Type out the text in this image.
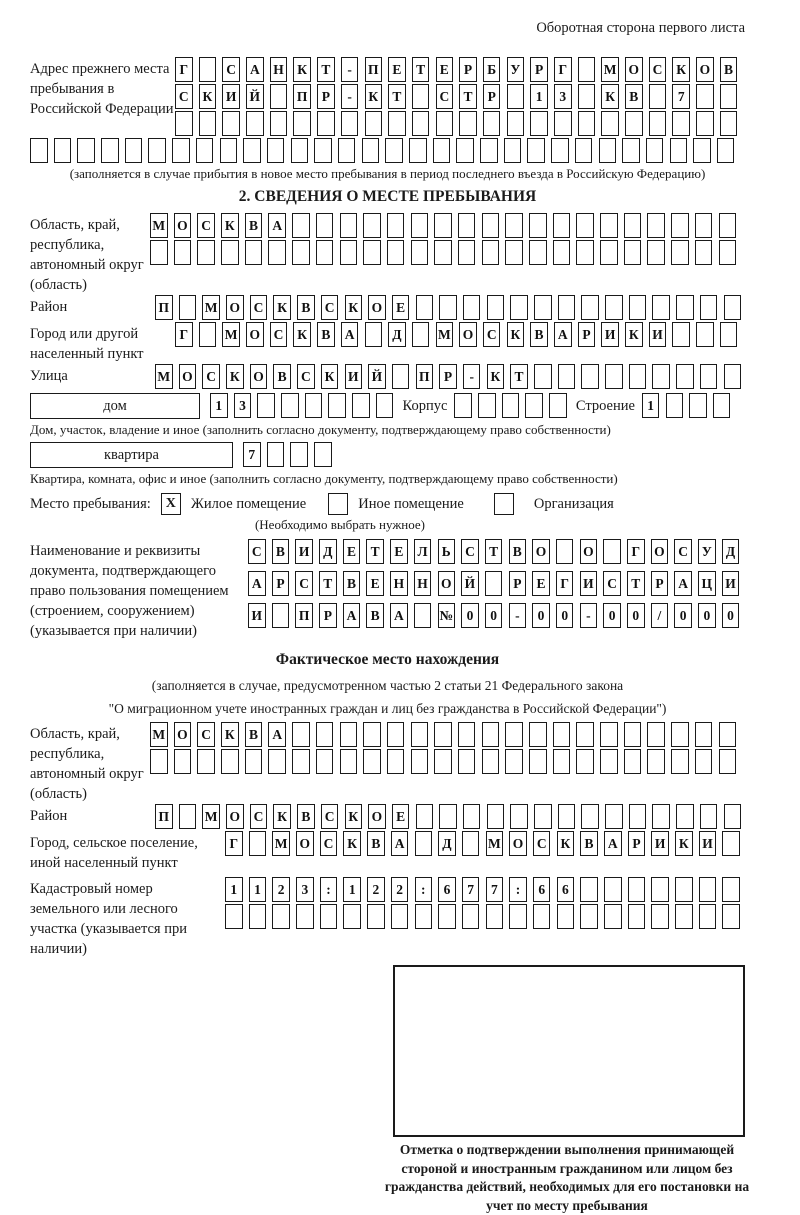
Оборотная сторона первого листа
Адрес прежнего места пребывания в Российской Федерации
Г	С А Н К	Т	-	П	Е	Т	Е	Р	Б	У	Р	Г	М О С К О	В
С К И Й	П	Р	-	К	Т	С	Т	Р	1	3	К	В	7
(заполняется в случае прибытия в новое место пребывания в период последнего въезда в Российскую Федерацию)
2. СВЕДЕНИЯ О МЕСТЕ ПРЕБЫВАНИЯ
Область, край, республика, автономный округ (область)
М О С К	В	А
Район	П	М О С К	В	С К О	Е
Город или другой населенный пункт
Г	М О С К	В	А	Д	М О С К	В	А	Р	И К И
Улица	М О С К О	В	С К И Й	П	Р	-	К	Т
дом	1	3	Корпус	Строение 1
Дом, участок, владение и иное (заполнить согласно документу, подтверждающему право собственности)
квартира	7
Квартира, комната, офис и иное (заполнить согласно документу, подтверждающему право собственности)
Место пребывания:	X	Жилое помещение	Иное помещение	Организация
(Необходимо выбрать нужное)
Наименование и реквизиты документа, подтверждающего право пользования помещением (строением, сооружением) (указывается при наличии)
С	В	И	Д	Е	Т	Е	Л	Ь	С	Т	В	О	О	Г	О С У	Д
А	Р	С	Т	В	Е	Н Н О Й	Р	Е	Г	И С	Т	Р	А Ц И
И	П	Р	А	В	А	№	0	0	-	0	0	-	0	0	/	0	0	0
Фактическое место нахождения
(заполняется в случае, предусмотренном частью 2 статьи 21 Федерального закона
"О миграционном учете иностранных граждан и лиц без гражданства в Российской Федерации")
Область, край, республика, автономный округ (область)
М О С К	В	А
Район	П	М О С К	В	С К О	Е
Город, сельское поселение, иной населенный пункт
Г	М О С К	В	А	Д	М О С К	В	А	Р	И К И
Кадастровый номер земельного или лесного участка (указывается при наличии)
1	1	2	3	:	1	2	2	:	6	7	7	:	6	6
Отметка о подтверждении выполнения принимающей стороной и иностранным гражданином или лицом без гражданства действий, необходимых для его постановки на учет по месту пребывания
